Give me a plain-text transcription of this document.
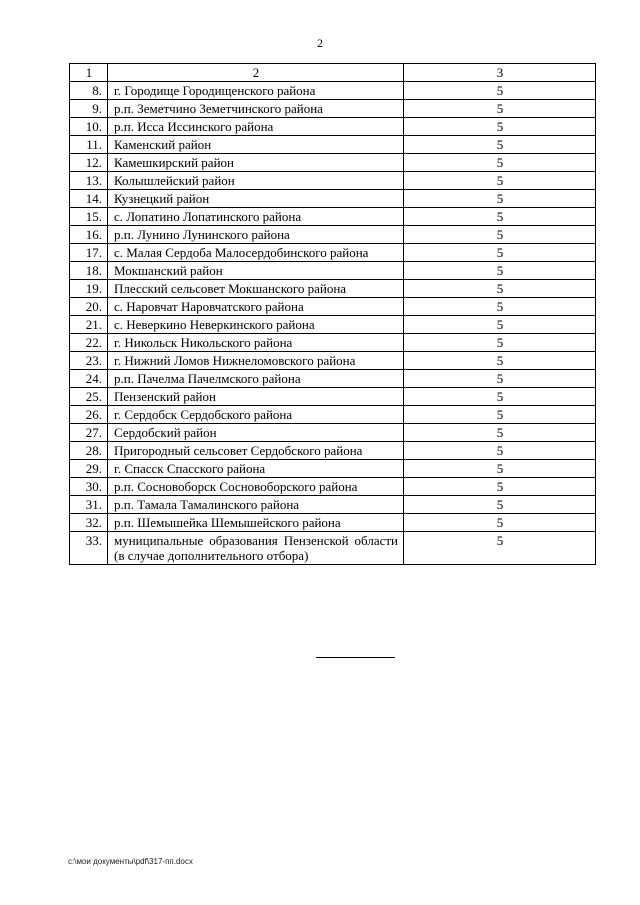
2
1	2	3
8.	г. Городище Городищенского района	5
9.	р.п. Земетчино Земетчинского района	5
10.	р.п. Исса Иссинского района	5
11.	Каменский район	5
12.	Камешкирский район	5
13.	Колышлейский район	5
14.	Кузнецкий район	5
15.	с. Лопатино Лопатинского района	5
16.	р.п. Лунино Лунинского района	5
17.	с. Малая Сердоба Малосердобинского района	5
18.	Мокшанский район	5
19.	Плесский сельсовет Мокшанского района	5
20.	с. Наровчат Наровчатского района	5
21.	с. Неверкино Неверкинского района	5
22.	г. Никольск Никольского района	5
23.	г. Нижний Ломов Нижнеломовского района	5
24.	р.п. Пачелма Пачелмского района	5
25.	Пензенский район	5
26.	г. Сердобск Сердобского района	5
27.	Сердобский район	5
28.	Пригородный сельсовет Сердобского района	5
29.	г. Спасск Спасского района	5
30.	р.п. Сосновоборск Сосновоборского района	5
31.	р.п. Тамала Тамалинского района	5
32.	р.п. Шемышейка Шемышейского района	5
33.	муниципальные образования Пензенской области (в случае дополнительного отбора)	5
c:\мои документы\pdf\317-пп.docx
